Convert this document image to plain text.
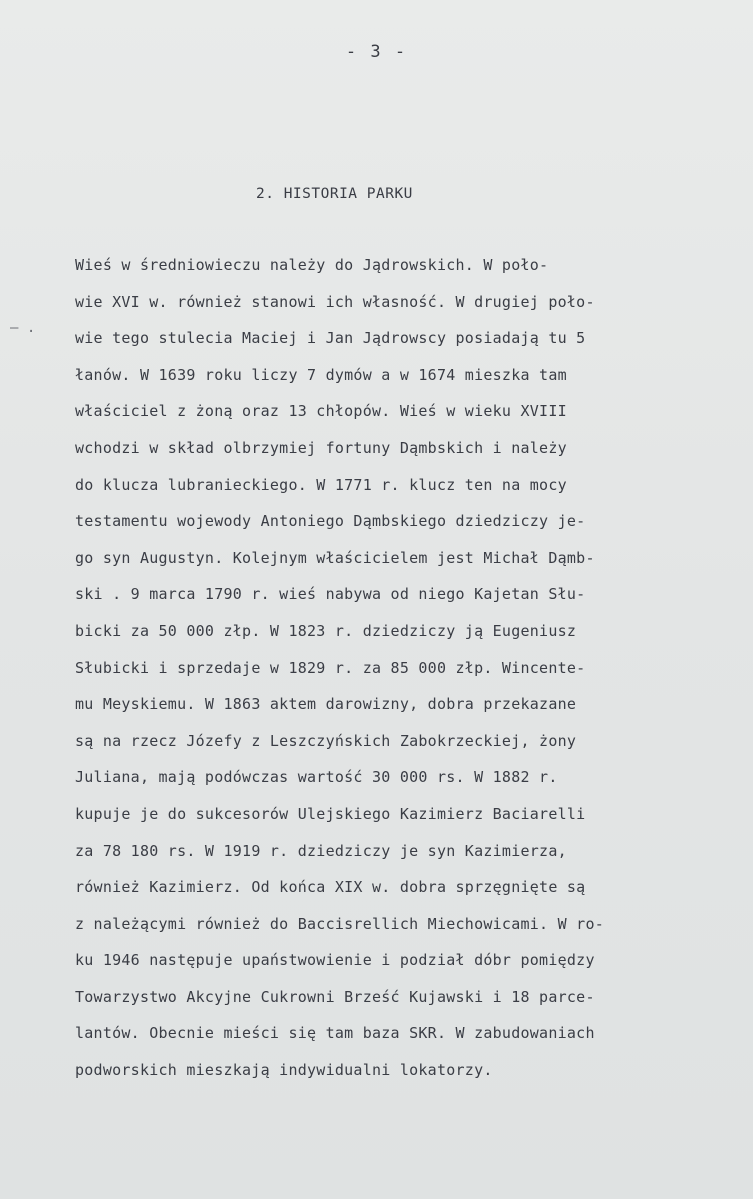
- 3 -
2. HISTORIA PARKU
— .
Wieś w średniowieczu należy do Jądrowskich. W poło-
wie XVI w. również stanowi ich własność. W drugiej poło-
wie tego stulecia Maciej i Jan Jądrowscy posiadają tu 5
łanów. W 1639 roku liczy 7 dymów a w 1674 mieszka tam
właściciel z żoną oraz 13 chłopów. Wieś w wieku XVIII
wchodzi w skład olbrzymiej fortuny Dąmbskich i należy
do klucza lubranieckiego. W 1771 r. klucz ten na mocy
testamentu wojewody Antoniego Dąmbskiego dziedziczy je-
go syn Augustyn. Kolejnym właścicielem jest Michał Dąmb-
ski . 9 marca 1790 r. wieś nabywa od niego Kajetan Słu-
bicki za 50 000 złp. W 1823 r. dziedziczy ją Eugeniusz
Słubicki i sprzedaje w 1829 r. za 85 000 złp. Wincente-
mu Meyskiemu. W 1863 aktem darowizny, dobra przekazane
są na rzecz Józefy z Leszczyńskich Zabokrzeckiej, żony
Juliana, mają podówczas wartość 30 000 rs. W 1882 r.
kupuje je do sukcesorów Ulejskiego Kazimierz Baciarelli
za 78 180 rs. W 1919 r. dziedziczy je syn Kazimierza,
również Kazimierz. Od końca XIX w. dobra sprzęgnięte są
z należącymi również do Baccisrellich Miechowicami. W ro-
ku 1946 następuje upaństwowienie i podział dóbr pomiędzy
Towarzystwo Akcyjne Cukrowni Brześć Kujawski i 18 parce-
lantów. Obecnie mieści się tam baza SKR. W zabudowaniach
podworskich mieszkają indywidualni lokatorzy.
